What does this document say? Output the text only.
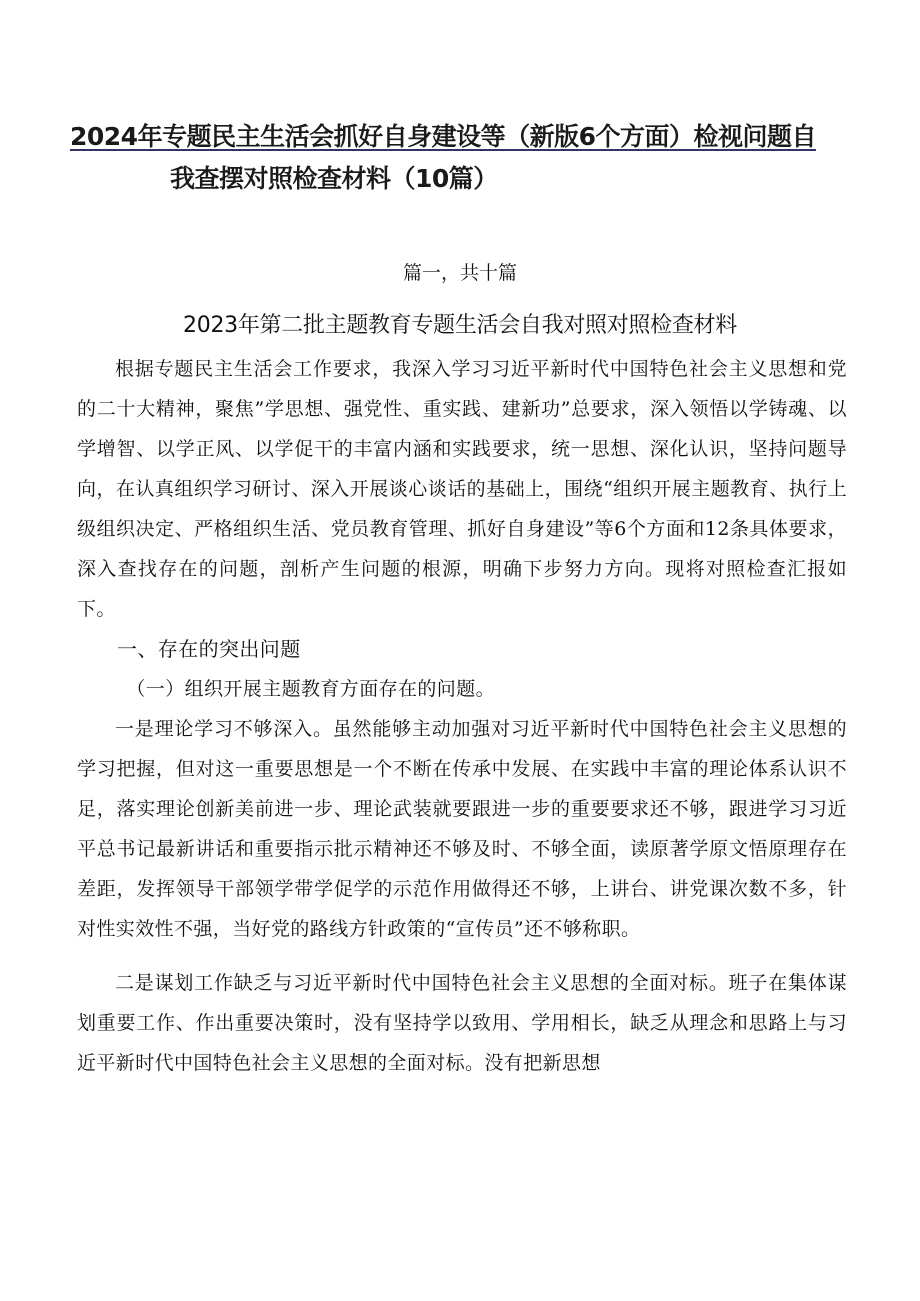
2024年专题民主生活会抓好自身建设等（新版6个方面）检视问题自
我查摆对照检查材料（10篇）
篇一，共十篇
2023年第二批主题教育专题生活会自我对照对照检查材料

根据专题民主生活会工作要求，我深入学习习近平新时代中国特色社会主义思想和党的二十大精神，聚焦”学思想、强党性、重实践、建新功”总要求，深入领悟以学铸魂、以学增智、以学正风、以学促干的丰富内涵和实践要求，统一思想、深化认识，坚持问题导向，在认真组织学习研讨、深入开展谈心谈话的基础上，围绕“组织开展主题教育、执行上级组织决定、严格组织生活、党员教育管理、抓好自身建设”等6个方面和12条具体要求，深入查找存在的问题，剖析产生问题的根源，明确下步努力方向。现将对照检查汇报如下。

一、存在的突出问题

（一）组织开展主题教育方面存在的问题。

一是理论学习不够深入。虽然能够主动加强对习近平新时代中国特色社会主义思想的学习把握，但对这一重要思想是一个不断在传承中发展、在实践中丰富的理论体系认识不足，落实理论创新美前进一步、理论武装就要跟进一步的重要要求还不够，跟进学习习近平总书记最新讲话和重要指示批示精神还不够及时、不够全面，读原著学原文悟原理存在差距，发挥领导干部领学带学促学的示范作用做得还不够，上讲台、讲党课次数不多，针对性实效性不强，当好党的路线方针政策的“宣传员”还不够称职。

二是谋划工作缺乏与习近平新时代中国特色社会主义思想的全面对标。班子在集体谋划重要工作、作出重要决策时，没有坚持学以致用、学用相长，缺乏从理念和思路上与习近平新时代中国特色社会主义思想的全面对标。没有把新思想
